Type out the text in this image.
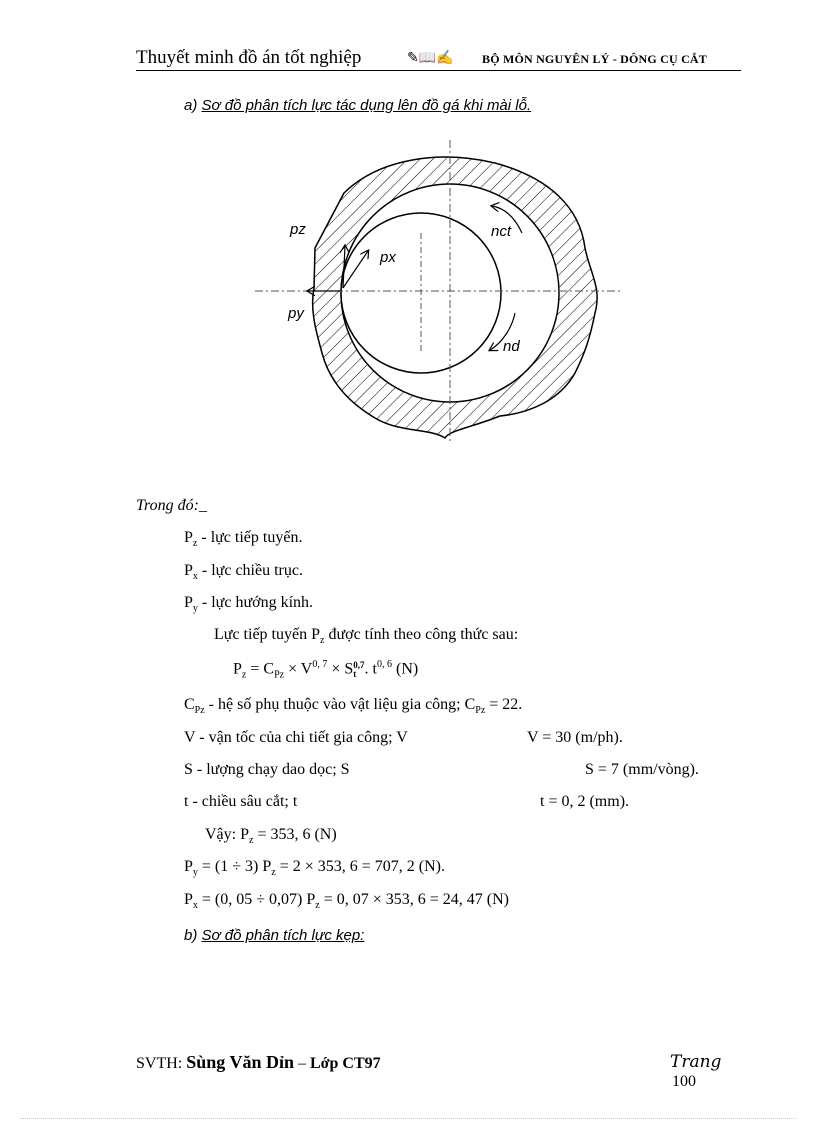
Thuyết minh đồ án tốt nghiệp	✎📖✍ BỘ MÔN NGUYÊN LÝ - DÔNG CỤ CẮT
a) Sơ đồ phân tích lực tác dụng lên đồ gá khi mài lỗ.
pz
px
py
nct
nd
Trong đó:_
$P_z$ - lực tiếp tuyến.
$P_x$ - lực chiều trục.
$P_y$ - lực hướng kính.
Lực tiếp tuyến $P_z$ được tính theo công thức sau:
$P_z = C_{Pz} \times V^{0, 7} \times S0,7$
t . $t^{0, 6}$ (N)
$C_{Pz}$ - hệ số phụ thuộc vào vật liệu gia công; $C_{Pz} = 22$.
V - vận tốc của chi tiết gia công; V	V = 30 (m/ph).
S - lượng chạy dao dọc; S	S = 7 (mm/vòng).
t - chiều sâu cắt; t	t = 0, 2 (mm).
Vậy: $P_z = 353$, 6 (N)
$P_y = (1 \div 3) P_z = 2 \times 353$, 6 = 707, 2 (N).
$P_x = (0$, 05 ÷ 0,07) $P_z = 0$, 07 × 353, 6 = 24, 47 (N)
b) Sơ đồ phân tích lực kẹp:
SVTH: Sùng Văn Dỉn – Lớp CT97	Trang
100
